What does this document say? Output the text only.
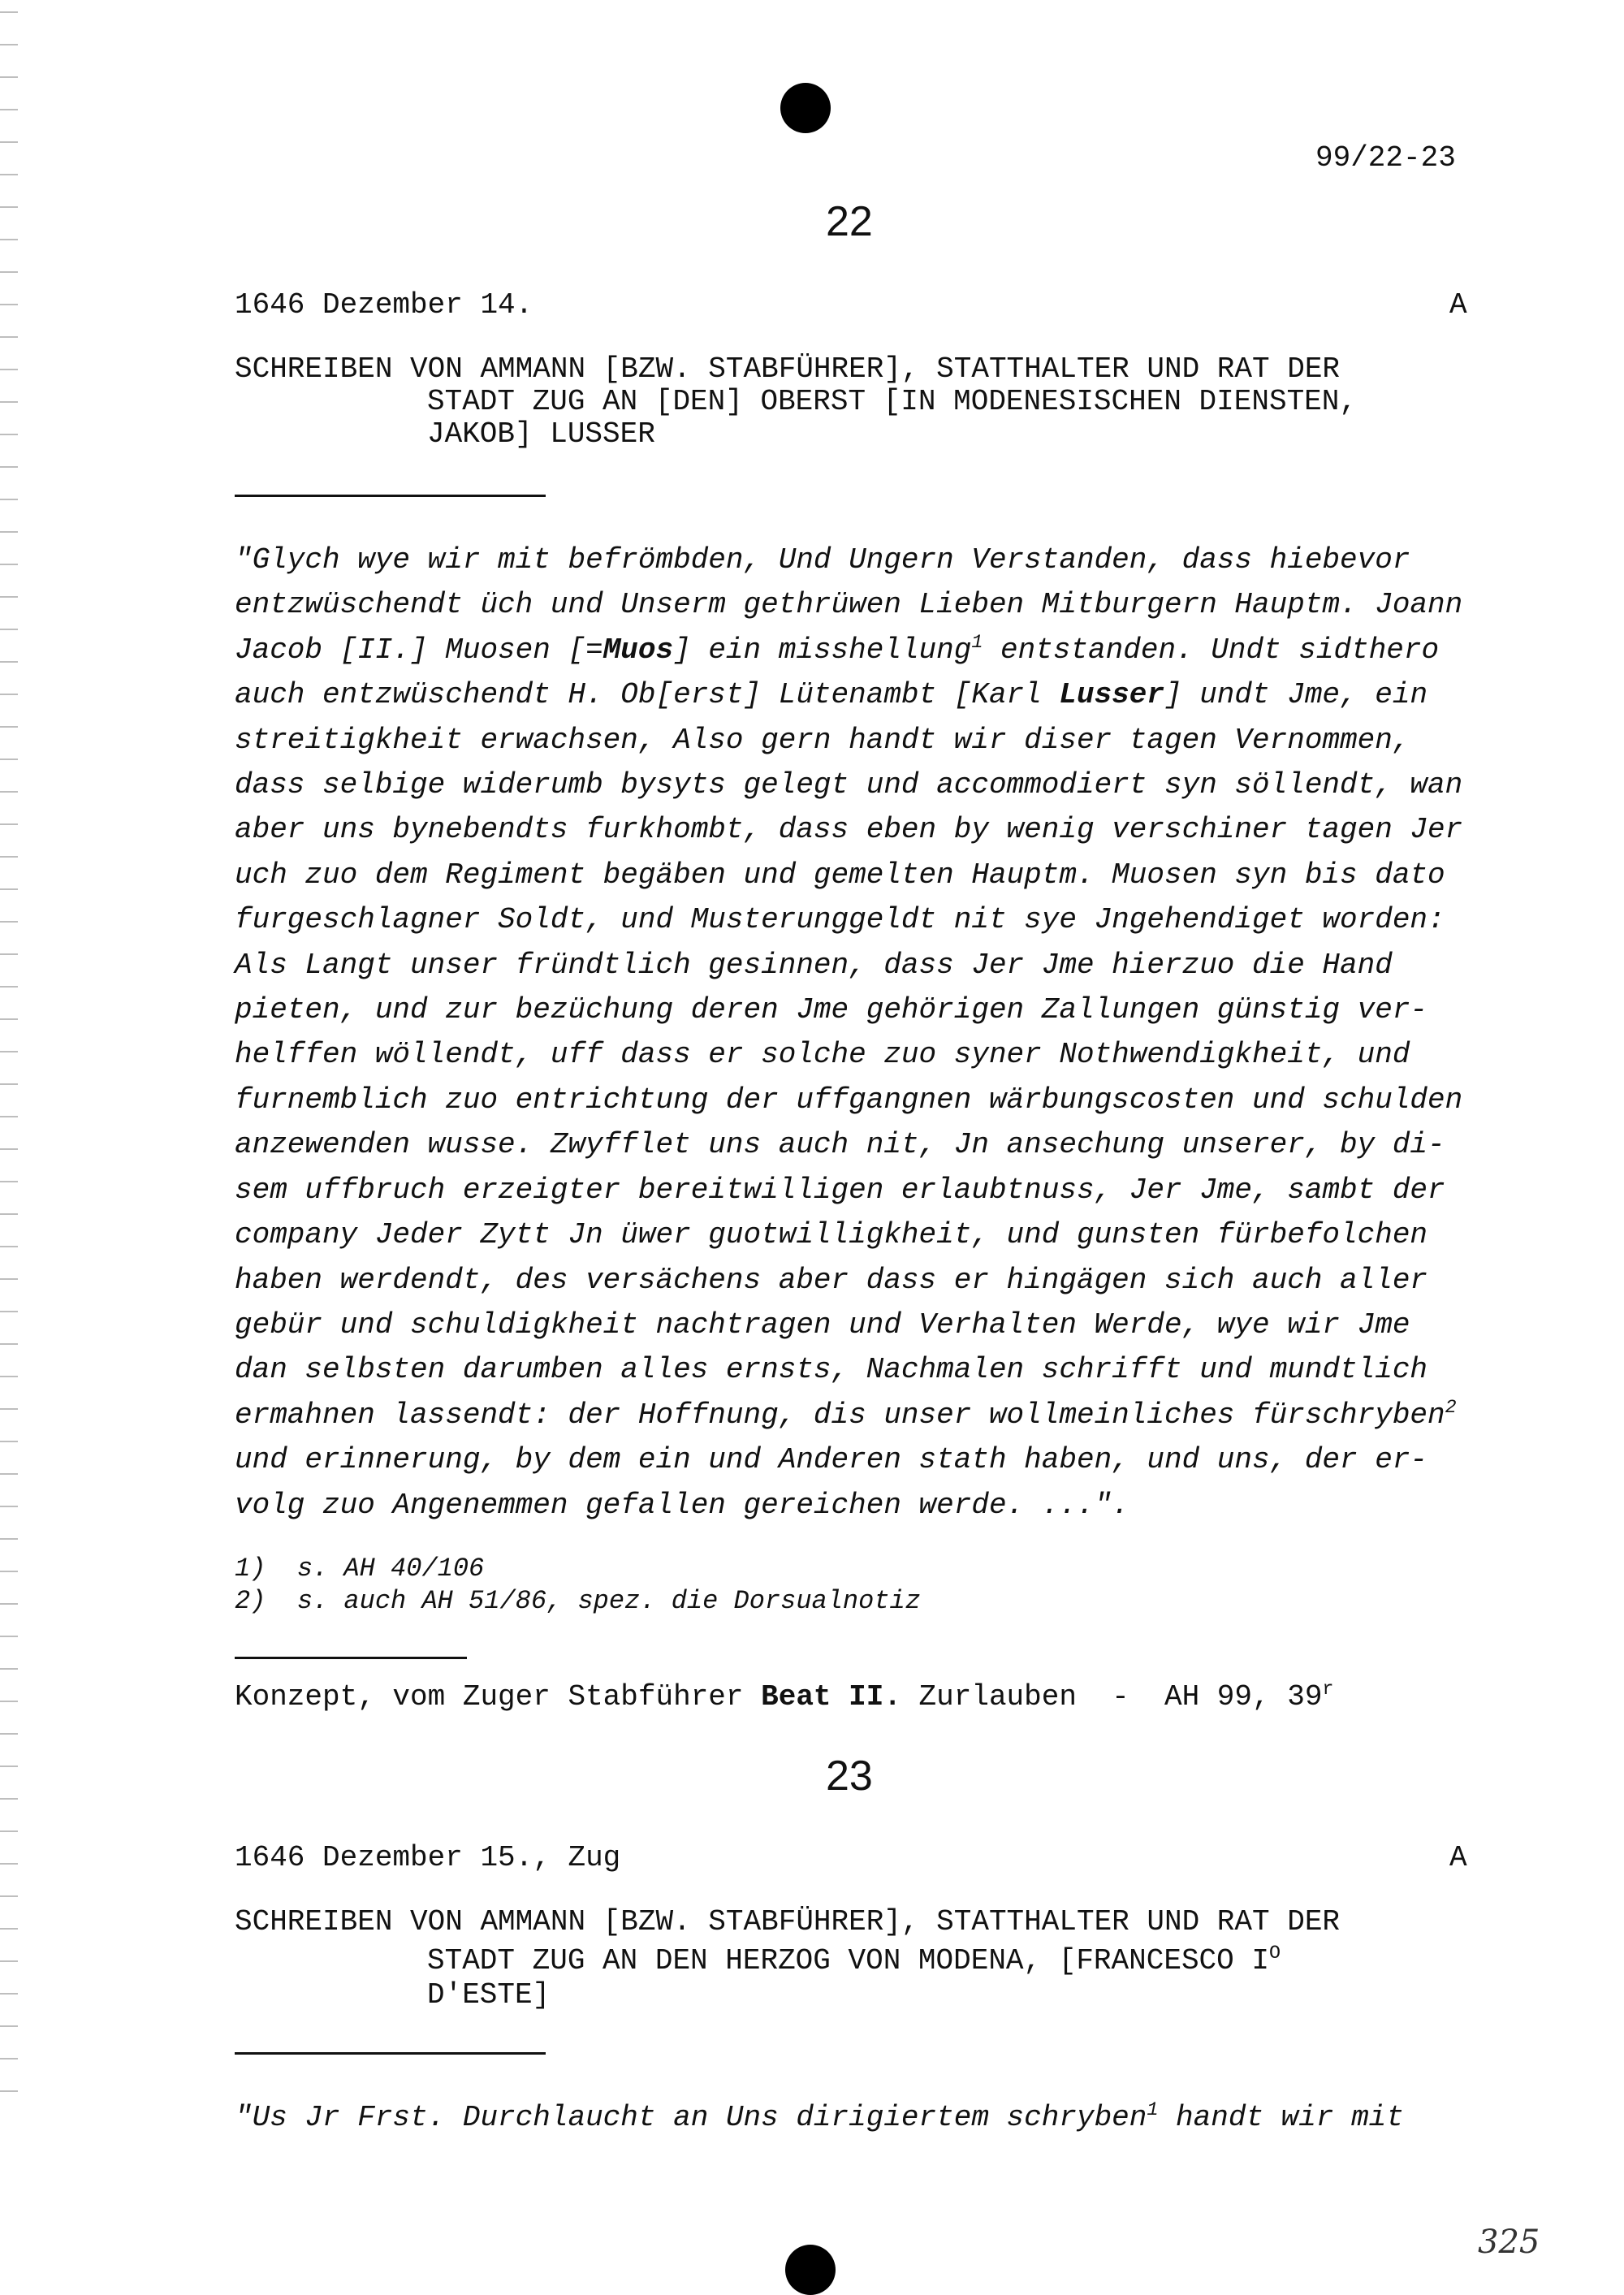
99/22-23
22
1646 Dezember 14.	A
SCHREIBEN VON AMMANN [BZW. STABFÜHRER], STATTHALTER UND RAT DER
STADT ZUG AN [DEN] OBERST [IN MODENESISCHEN DIENSTEN,
JAKOB] LUSSER
"Glych wye wir mit befrömbden, Und Ungern Verstanden, dass hiebevor
entzwüschendt üch und Unserm gethrüwen Lieben Mitburgern Hauptm. Joann
Jacob [II.] Muosen [=Muos] ein misshellung$^1$ entstanden. Undt sidthero
auch entzwüschendt H. Ob[erst] Lütenambt [Karl Lusser] undt Jme, ein
streitigkheit erwachsen, Also gern handt wir diser tagen Vernommen,
dass selbige widerumb bysyts gelegt und accommodiert syn söllendt, wan
aber uns bynebendts furkhombt, dass eben by wenig verschiner tagen Jer
uch zuo dem Regiment begäben und gemelten Hauptm. Muosen syn bis dato
furgeschlagner Soldt, und Musterunggeldt nit sye Jngehendiget worden:
Als Langt unser fründtlich gesinnen, dass Jer Jme hierzuo die Hand
pieten, und zur bezüchung deren Jme gehörigen Zallungen günstig ver-
helffen wöllendt, uff dass er solche zuo syner Nothwendigkheit, und
furnemblich zuo entrichtung der uffgangnen wärbungscosten und schulden
anzewenden wusse. Zwyfflet uns auch nit, Jn ansechung unserer, by di-
sem uffbruch erzeigter bereitwilligen erlaubtnuss, Jer Jme, sambt der
company Jeder Zytt Jn üwer guotwilligkheit, und gunsten fürbefolchen
haben werdendt, des versächens aber dass er hingägen sich auch aller
gebür und schuldigkheit nachtragen und Verhalten Werde, wye wir Jme
dan selbsten darumben alles ernsts, Nachmalen schrifft und mundtlich
ermahnen lassendt: der Hoffnung, dis unser wollmeinliches fürschryben$^2$
und erinnerung, by dem ein und Anderen stath haben, und uns, der er-
volg zuo Angenemmen gefallen gereichen werde. ...".
1)  s. AH 40/106
2)  s. auch AH 51/86, spez. die Dorsualnotiz
Konzept, vom Zuger Stabführer Beat II. Zurlauben  -  AH 99, 39$^r$
23
1646 Dezember 15., Zug	A
SCHREIBEN VON AMMANN [BZW. STABFÜHRER], STATTHALTER UND RAT DER
STADT ZUG AN DEN HERZOG VON MODENA, [FRANCESCO $I^O$
D'ESTE]
"Us Jr Frst. Durchlaucht an Uns dirigiertem schryben$^1$ handt wir mit
325
